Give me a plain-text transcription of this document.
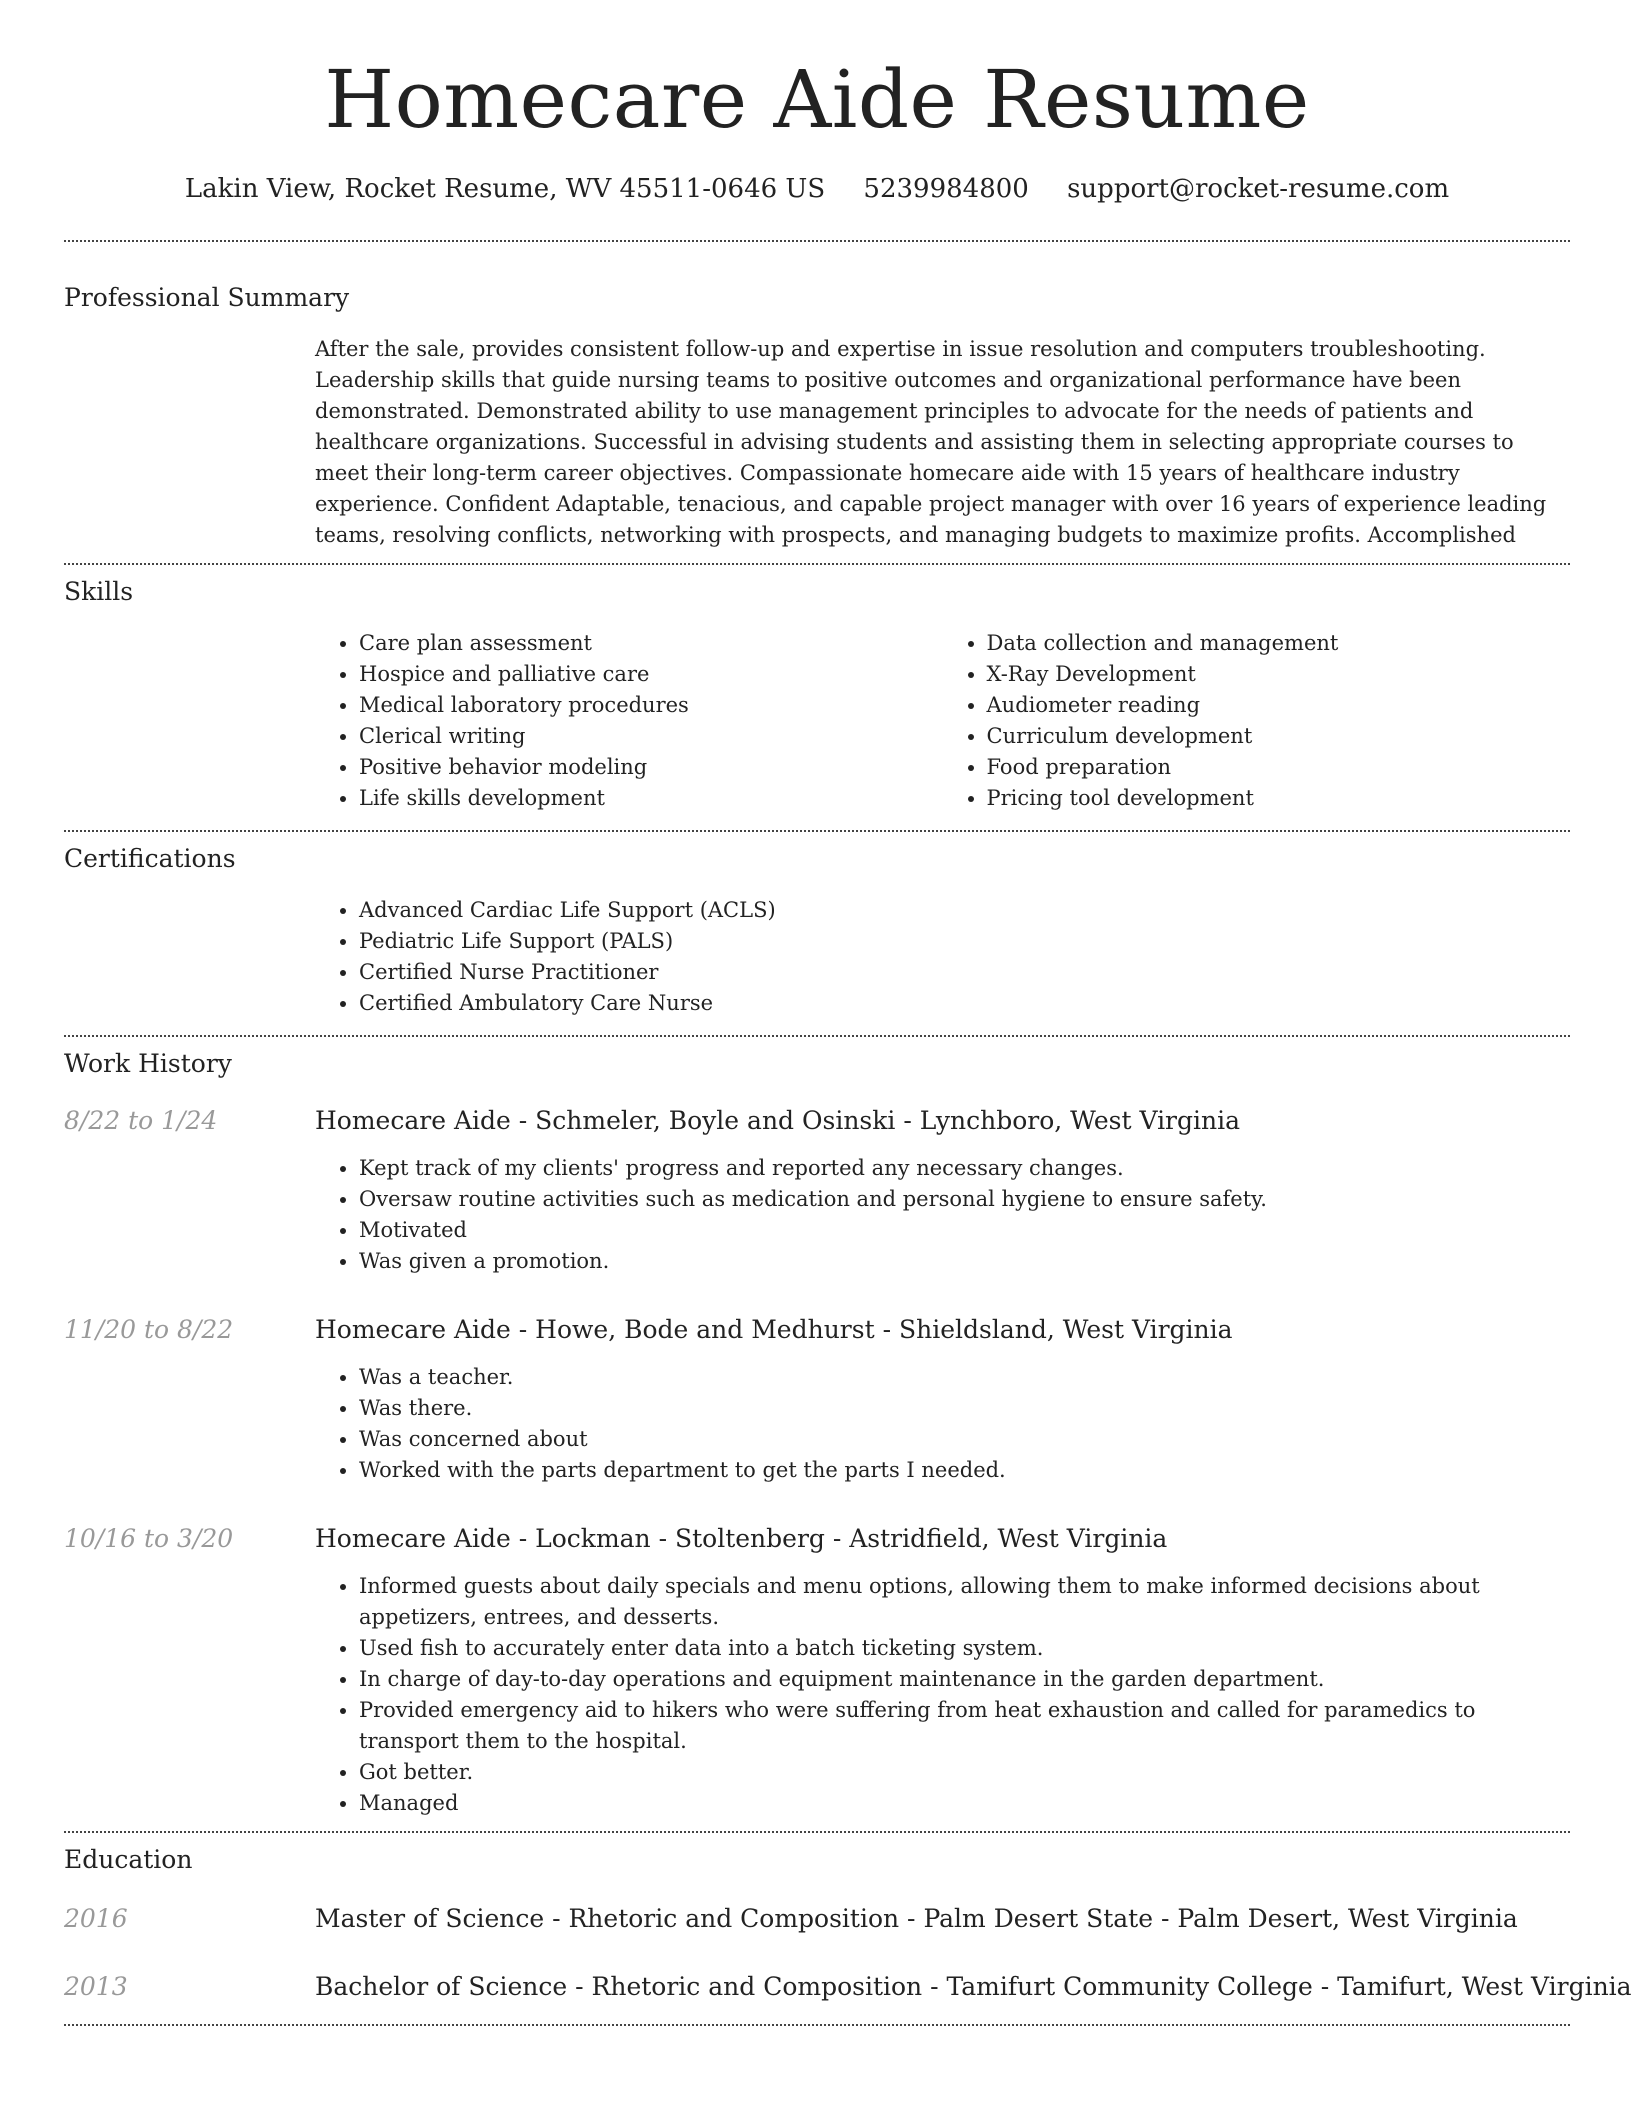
Homecare Aide Resume
Lakin View, Rocket Resume, WV 45511-0646 US 5239984800 support@rocket-resume.com
Professional Summary

After the sale, provides consistent follow-up and expertise in issue resolution and computers troubleshooting. Leadership skills that guide nursing teams to positive outcomes and organizational performance have been demonstrated. Demonstrated ability to use management principles to advocate for the needs of patients and healthcare organizations. Successful in advising students and assisting them in selecting appropriate courses to meet their long-term career objectives. Compassionate homecare aide with 15 years of healthcare industry experience. Confident Adaptable, tenacious, and capable project manager with over 16 years of experience leading teams, resolving conflicts, networking with prospects, and managing budgets to maximize profits. Accomplished

Skills
• Care plan assessment
• Hospice and palliative care
• Medical laboratory procedures
• Clerical writing
• Positive behavior modeling
• Life skills development
• Data collection and management
• X-Ray Development
• Audiometer reading
• Curriculum development
• Food preparation
• Pricing tool development
Certifications
• Advanced Cardiac Life Support (ACLS)
• Pediatric Life Support (PALS)
• Certified Nurse Practitioner
• Certified Ambulatory Care Nurse
Work History
8/22 to 1/24	Homecare Aide - Schmeler, Boyle and Osinski - Lynchboro, West Virginia
• Kept track of my clients' progress and reported any necessary changes.
• Oversaw routine activities such as medication and personal hygiene to ensure safety.
• Motivated
• Was given a promotion.
11/20 to 8/22	Homecare Aide - Howe, Bode and Medhurst - Shieldsland, West Virginia
• Was a teacher.
• Was there.
• Was concerned about
• Worked with the parts department to get the parts I needed.
10/16 to 3/20	Homecare Aide - Lockman - Stoltenberg - Astridfield, West Virginia
• Informed guests about daily specials and menu options, allowing them to make informed decisions about appetizers, entrees, and desserts.
• Used fish to accurately enter data into a batch ticketing system.
• In charge of day-to-day operations and equipment maintenance in the garden department.
• Provided emergency aid to hikers who were suffering from heat exhaustion and called for paramedics to transport them to the hospital.
• Got better.
• Managed
Education
2016	Master of Science - Rhetoric and Composition - Palm Desert State - Palm Desert, West Virginia
2013	Bachelor of Science - Rhetoric and Composition - Tamifurt Community College - Tamifurt, West Virginia
